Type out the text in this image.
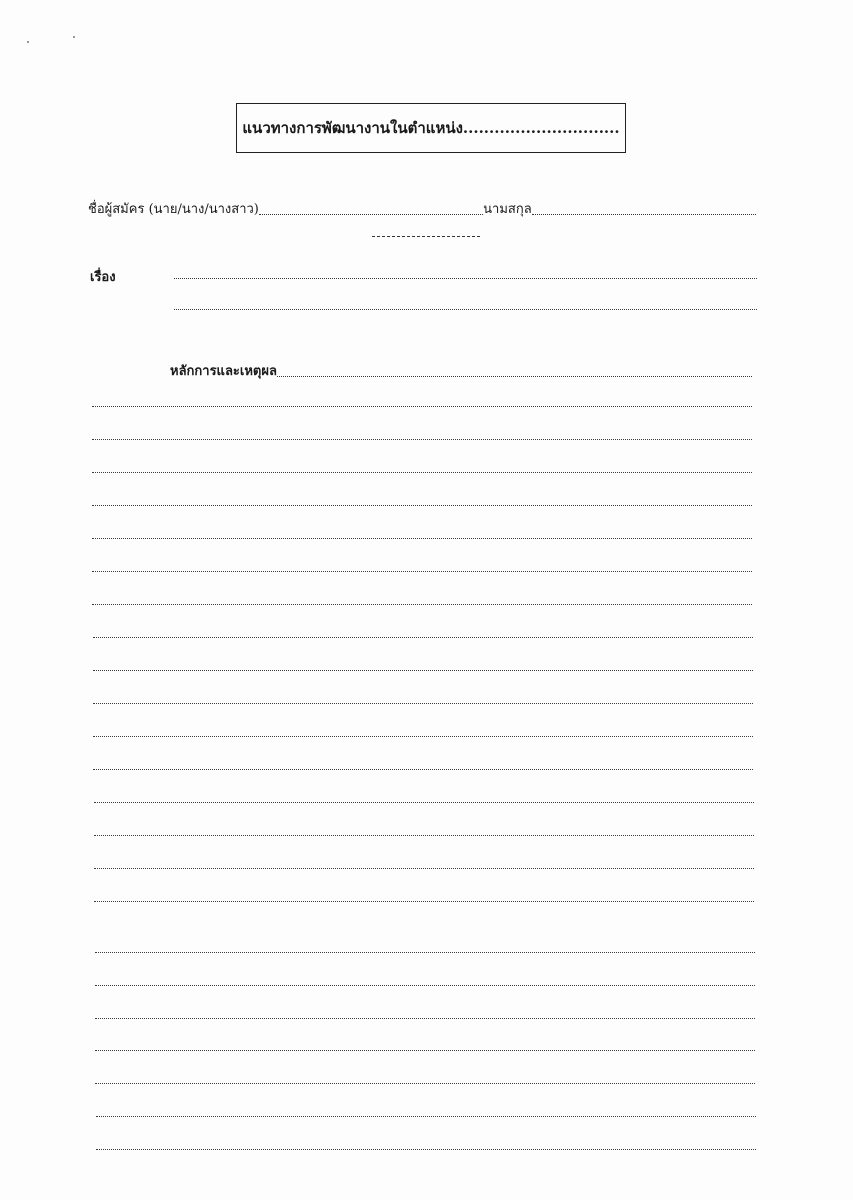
แนวทางการพัฒนางานในตำแหน่ง..............................
ชื่อผู้สมัคร (นาย/นาง/นางสาว)	นามสกุล
เรื่อง
หลักการและเหตุผล
